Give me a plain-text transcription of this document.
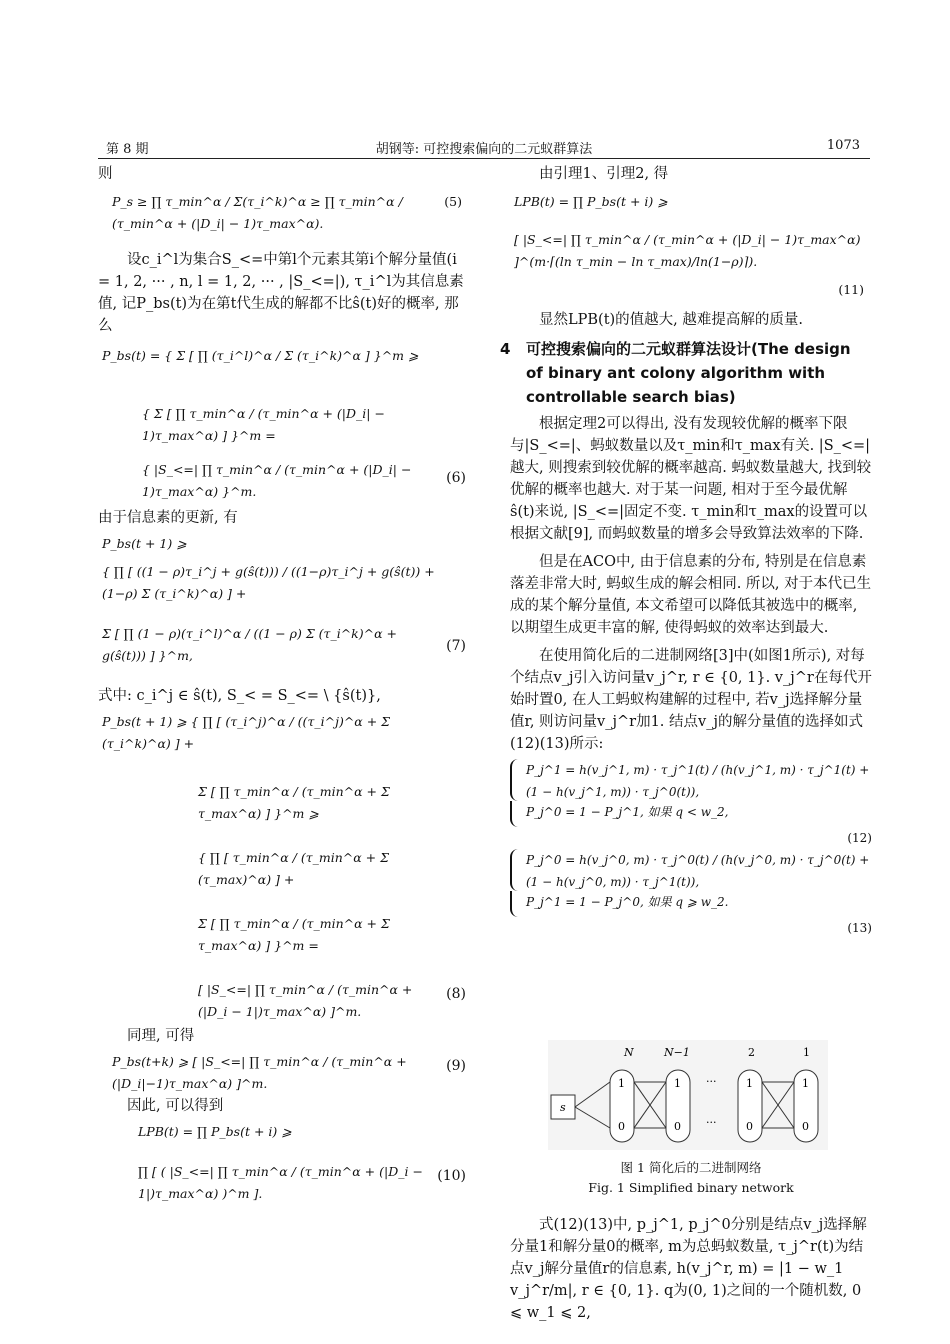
第 8 期	胡钢等: 可控搜索偏向的二元蚁群算法	1073

则

P_s ≥ ∏ τ_min^α / Σ(τ_i^k)^α ≥ ∏ τ_min^α / (τ_min^α + (|D_i| − 1)τ_max^α).
(5)

设c_i^l为集合S_<=中第l个元素其第i个解分量值(i = 1, 2, ··· , n, l = 1, 2, ··· , |S_<=|), τ_i^l为其信息素值, 记P_bs(t)为在第t代生成的解都不比ŝ(t)好的概率, 那么

P_bs(t) = { Σ [ ∏ (τ_i^l)^α / Σ (τ_i^k)^α ] }^m ⩾
{ Σ [ ∏ τ_min^α / (τ_min^α + (|D_i| − 1)τ_max^α) ] }^m =
{ |S_<=| ∏ τ_min^α / (τ_min^α + (|D_i| − 1)τ_max^α) }^m.
(6)

由于信息素的更新, 有

P_bs(t + 1) ⩾
{ ∏ [ ((1 − ρ)τ_i^j + g(ŝ(t))) / ((1−ρ)τ_i^j + g(ŝ(t)) + (1−ρ) Σ (τ_i^k)^α) ] +
Σ [ ∏ (1 − ρ)(τ_i^l)^α / ((1 − ρ) Σ (τ_i^k)^α + g(ŝ(t))) ] }^m,
(7)

式中: c_i^j ∈ ŝ(t), S_< = S_<= \ {ŝ(t)},

P_bs(t + 1) ⩾ { ∏ [ (τ_i^j)^α / ((τ_i^j)^α + Σ (τ_i^k)^α) ] +
Σ [ ∏ τ_min^α / (τ_min^α + Σ τ_max^α) ] }^m ⩾
{ ∏ [ τ_min^α / (τ_min^α + Σ (τ_max)^α) ] +
Σ [ ∏ τ_min^α / (τ_min^α + Σ τ_max^α) ] }^m =
[ |S_<=| ∏ τ_min^α / (τ_min^α + (|D_i − 1|)τ_max^α) ]^m.
(8)

同理, 可得

P_bs(t+k) ⩾ [ |S_<=| ∏ τ_min^α / (τ_min^α + (|D_i|−1)τ_max^α) ]^m.
(9)

因此, 可以得到

LPB(t) = ∏ P_bs(t + i) ⩾
∏ [ ( |S_<=| ∏ τ_min^α / (τ_min^α + (|D_i − 1|)τ_max^α) )^m ].
(10)

由引理1、引理2, 得

LPB(t) = ∏ P_bs(t + i) ⩾
[ |S_<=| ∏ τ_min^α / (τ_min^α + (|D_i| − 1)τ_max^α) ]^(m·⌈(ln τ_min − ln τ_max)/ln(1−ρ)⌉).
(11)

显然LPB(t)的值越大, 越难提高解的质量.

4 可控搜索偏向的二元蚁群算法设计(The design of binary ant colony algorithm with controllable search bias)

根据定理2可以得出, 没有发现较优解的概率下限与|S_<=|、蚂蚁数量以及τ_min和τ_max有关. |S_<=|越大, 则搜索到较优解的概率越高. 蚂蚁数量越大, 找到较优解的概率也越大. 对于某一问题, 相对于至今最优解ŝ(t)来说, |S_<=|固定不变. τ_min和τ_max的设置可以根据文献[9], 而蚂蚁数量的增多会导致算法效率的下降.

但是在ACO中, 由于信息素的分布, 特别是在信息素落差非常大时, 蚂蚁生成的解会相同. 所以, 对于本代已生成的某个解分量值, 本文希望可以降低其被选中的概率, 以期望生成更丰富的解, 使得蚂蚁的效率达到最大.

在使用简化后的二进制网络[3]中(如图1所示), 对每个结点v_j引入访问量v_j^r, r ∈ {0, 1}. v_j^r在每代开始时置0, 在人工蚂蚁构建解的过程中, 若v_j选择解分量值r, 则访问量v_j^r加1. 结点v_j的解分量值的选择如式(12)(13)所示:

P_j^1 = h(v_j^1, m) · τ_j^1(t) / (h(v_j^1, m) · τ_j^1(t) + (1 − h(v_j^1, m)) · τ_j^0(t)),
P_j^0 = 1 − P_j^1, 如果 q < w_2,
(12)
P_j^0 = h(v_j^0, m) · τ_j^0(t) / (h(v_j^0, m) · τ_j^0(t) + (1 − h(v_j^0, m)) · τ_j^1(t)),
P_j^1 = 1 − P_j^0, 如果 q ⩾ w_2.
(13)
N	N−1	2	1
s
1
0
1
0
···
···
1
0
1
0
图 1 简化后的二进制网络
Fig. 1 Simplified binary network

式(12)(13)中, p_j^1, p_j^0分别是结点v_j选择解分量1和解分量0的概率, m为总蚂蚁数量, τ_j^r(t)为结点v_j解分量值r的信息素, h(v_j^r, m) = |1 − w_1 v_j^r/m|, r ∈ {0, 1}. q为(0, 1)之间的一个随机数, 0 ⩽ w_1 ⩽ 2,
